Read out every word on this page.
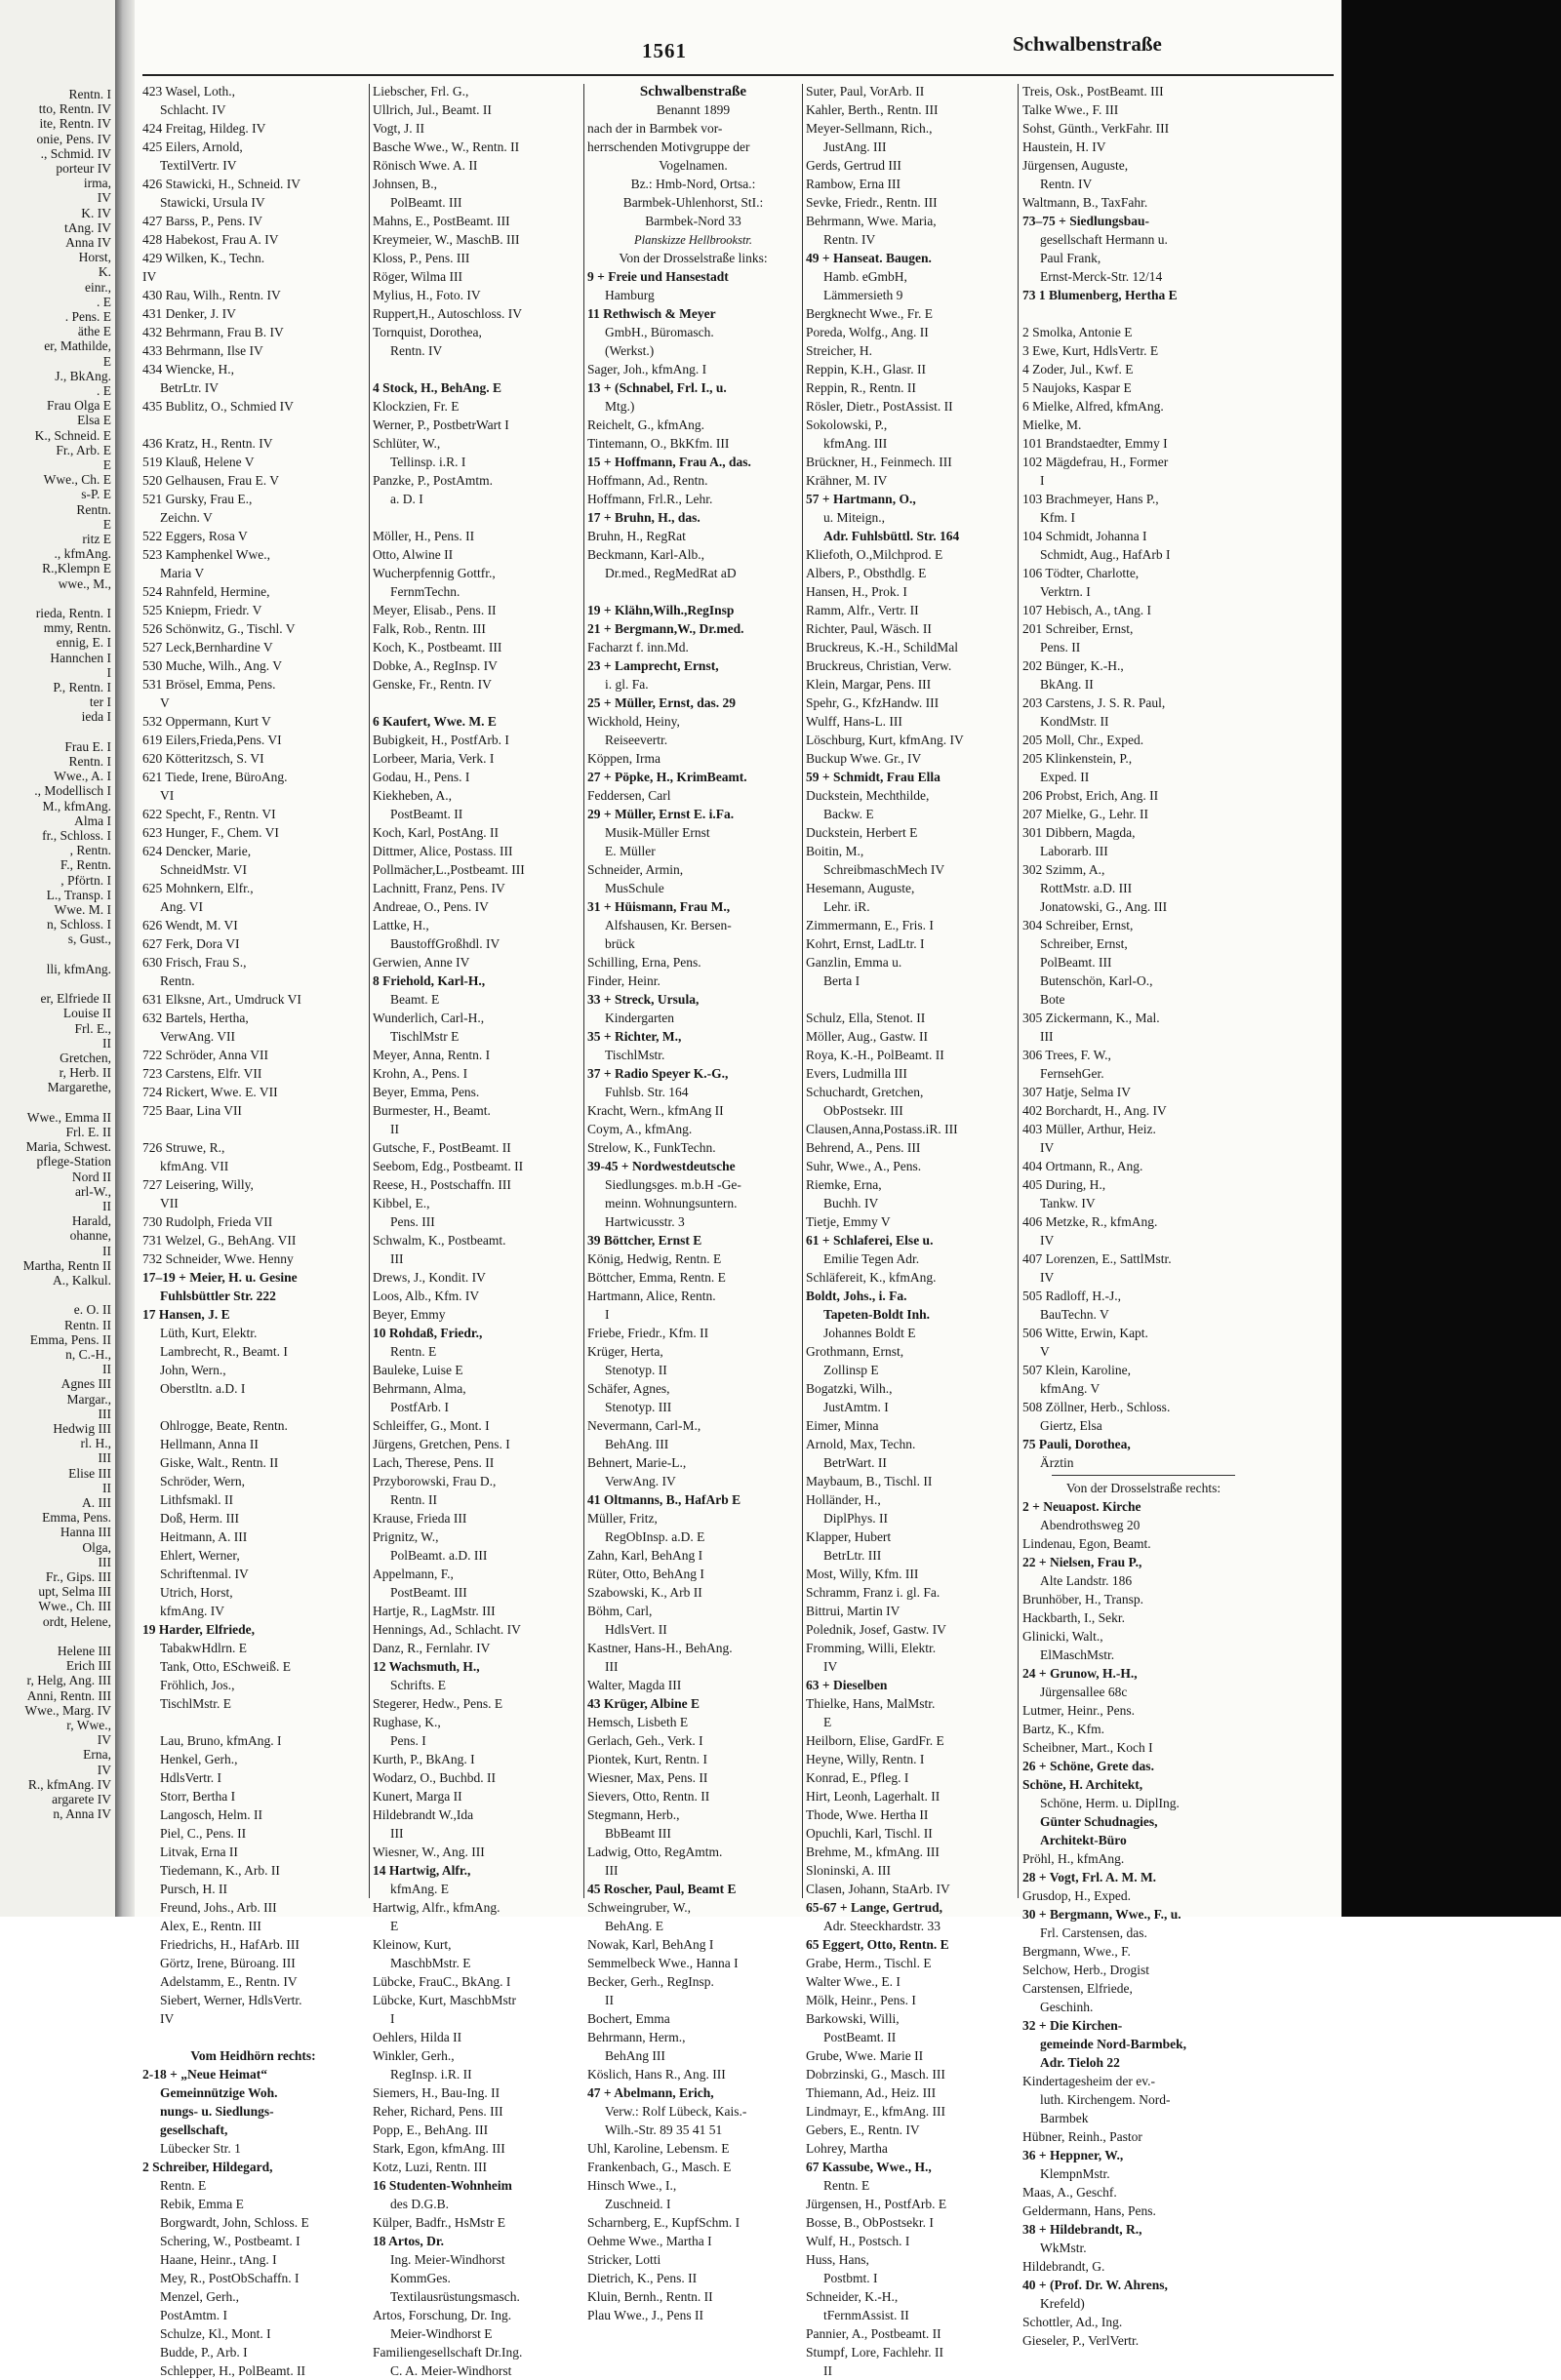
Rentn. I
tto, Rentn. IV
ite, Rentn. IV
onie, Pens. IV
., Schmid. IV
porteur IV
irma,
IV
K. IV
tAng. IV
Anna IV
Horst,
K.
einr.,
. E
. Pens. E
äthe E
er, Mathilde,
E
J., BkAng.
. E
Frau Olga E
Elsa E
K., Schneid. E
Fr., Arb. E
E
Wwe., Ch. E
s-P. E
Rentn.
E
ritz E
., kfmAng.
R.,Klempn E
wwe., M.,
rieda, Rentn. I
mmy, Rentn.
ennig, E. I
Hannchen I
I
P., Rentn. I
ter I
ieda I
Frau E. I
Rentn. I
Wwe., A. I
., Modellisch I
M., kfmAng.
Alma I
fr., Schloss. I
, Rentn.
F., Rentn.
, Pförtn. I
L., Transp. I
Wwe. M. I
n, Schloss. I
s, Gust.,
lli, kfmAng.
er, Elfriede II
Louise II
Frl. E.,
II
Gretchen,
r, Herb. II
Margarethe,
Wwe., Emma II
Frl. E. II
Maria, Schwest.
pflege-Station
Nord II
arl-W.,
II
Harald,
ohanne,
II
Martha, Rentn II
A., Kalkul.
e. O. II
Rentn. II
Emma, Pens. II
n, C.-H.,
II
Agnes III
Margar.,
III
Hedwig III
rl. H.,
III
Elise III
II
A. III
Emma, Pens.
Hanna III
Olga,
III
Fr., Gips. III
upt, Selma III
Wwe., Ch. III
ordt, Helene,
Helene III
Erich III
r, Helg, Ang. III
Anni, Rentn. III
Wwe., Marg. IV
r, Wwe.,
IV
Erna,
IV
R., kfmAng. IV
argarete IV
n, Anna IV
1561	Schwalbenstraße
423 Wasel, Loth.,
Schlacht. IV
424 Freitag, Hildeg. IV
425 Eilers, Arnold,
TextilVertr. IV
426 Stawicki, H., Schneid. IV
Stawicki, Ursula IV
427 Barss, P., Pens. IV
428 Habekost, Frau A. IV
429 Wilken, K., Techn.
IV
430 Rau, Wilh., Rentn. IV
431 Denker, J. IV
432 Behrmann, Frau B. IV
433 Behrmann, Ilse IV
434 Wiencke, H.,
BetrLtr. IV
435 Bublitz, O., Schmied IV
436 Kratz, H., Rentn. IV
519 Klauß, Helene V
520 Gelhausen, Frau E. V
521 Gursky, Frau E.,
Zeichn. V
522 Eggers, Rosa V
523 Kamphenkel Wwe.,
Maria V
524 Rahnfeld, Hermine,
525 Kniepm, Friedr. V
526 Schönwitz, G., Tischl. V
527 Leck,Bernhardine V
530 Muche, Wilh., Ang. V
531 Brösel, Emma, Pens.
V
532 Oppermann, Kurt V
619 Eilers,Frieda,Pens. VI
620 Kötteritzsch, S. VI
621 Tiede, Irene, BüroAng.
VI
622 Specht, F., Rentn. VI
623 Hunger, F., Chem. VI
624 Dencker, Marie,
SchneidMstr. VI
625 Mohnkern, Elfr.,
Ang. VI
626 Wendt, M. VI
627 Ferk, Dora VI
630 Frisch, Frau S.,
Rentn.
631 Elksne, Art., Umdruck VI
632 Bartels, Hertha,
VerwAng. VII
722 Schröder, Anna VII
723 Carstens, Elfr. VII
724 Rickert, Wwe. E. VII
725 Baar, Lina VII
726 Struwe, R.,
kfmAng. VII
727 Leisering, Willy,
VII
730 Rudolph, Frieda VII
731 Welzel, G., BehAng. VII
732 Schneider, Wwe. Henny
17–19 + Meier, H. u. Gesine
Fuhlsbüttler Str. 222
17 Hansen, J. E
Lüth, Kurt, Elektr.
Lambrecht, R., Beamt. I
John, Wern.,
Oberstltn. a.D. I
Ohlrogge, Beate, Rentn.
Hellmann, Anna II
Giske, Walt., Rentn. II
Schröder, Wern,
Lithfsmakl. II
Doß, Herm. III
Heitmann, A. III
Ehlert, Werner,
Schriftenmal. IV
Utrich, Horst,
kfmAng. IV
19 Harder, Elfriede,
TabakwHdlrn. E
Tank, Otto, ESchweiß. E
Fröhlich, Jos.,
TischlMstr. E
Lau, Bruno, kfmAng. I
Henkel, Gerh.,
HdlsVertr. I
Storr, Bertha I
Langosch, Helm. II
Piel, C., Pens. II
Litvak, Erna II
Tiedemann, K., Arb. II
Pursch, H. II
Freund, Johs., Arb. III
Alex, E., Rentn. III
Friedrichs, H., HafArb. III
Görtz, Irene, Büroang. III
Adelstamm, E., Rentn. IV
Siebert, Werner, HdlsVertr.
IV
Vom Heidhörn rechts:
2-18 + „Neue Heimat“
Gemeinnützige Woh.
nungs- u. Siedlungs-
gesellschaft,
Lübecker Str. 1
2 Schreiber, Hildegard,
Rentn. E
Rebik, Emma E
Borgwardt, John, Schloss. E
Schering, W., Postbeamt. I
Haane, Heinr., tAng. I
Mey, R., PostObSchaffn. I
Menzel, Gerh.,
PostAmtm. I
Schulze, Kl., Mont. I
Budde, P., Arb. I
Schlepper, H., PolBeamt. II
Liebscher, Frl. G.,
Ullrich, Jul., Beamt. II
Vogt, J. II
Basche Wwe., W., Rentn. II
Rönisch Wwe. A. II
Johnsen, B.,
PolBeamt. III
Mahns, E., PostBeamt. III
Kreymeier, W., MaschB. III
Kloss, P., Pens. III
Röger, Wilma III
Mylius, H., Foto. IV
Ruppert,H., Autoschloss. IV
Tornquist, Dorothea,
Rentn. IV
4 Stock, H., BehAng. E
Klockzien, Fr. E
Werner, P., PostbetrWart I
Schlüter, W.,
Tellinsp. i.R. I
Panzke, P., PostAmtm.
a. D. I
Möller, H., Pens. II
Otto, Alwine II
Wucherpfennig Gottfr.,
FernmTechn.
Meyer, Elisab., Pens. II
Falk, Rob., Rentn. III
Koch, K., Postbeamt. III
Dobke, A., RegInsp. IV
Genske, Fr., Rentn. IV
6 Kaufert, Wwe. M. E
Bubigkeit, H., PostfArb. I
Lorbeer, Maria, Verk. I
Godau, H., Pens. I
Kiekheben, A.,
PostBeamt. II
Koch, Karl, PostAng. II
Dittmer, Alice, Postass. III
Pollmächer,L.,Postbeamt. III
Lachnitt, Franz, Pens. IV
Andreae, O., Pens. IV
Lattke, H.,
BaustoffGroßhdl. IV
Gerwien, Anne IV
8 Friehold, Karl-H.,
Beamt. E
Wunderlich, Carl-H.,
TischlMstr E
Meyer, Anna, Rentn. I
Krohn, A., Pens. I
Beyer, Emma, Pens.
Burmester, H., Beamt.
II
Gutsche, F., PostBeamt. II
Seebom, Edg., Postbeamt. II
Reese, H., Postschaffn. III
Kibbel, E.,
Pens. III
Schwalm, K., Postbeamt.
III
Drews, J., Kondit. IV
Loos, Alb., Kfm. IV
Beyer, Emmy
10 Rohdaß, Friedr.,
Rentn. E
Bauleke, Luise E
Behrmann, Alma,
PostfArb. I
Schleiffer, G., Mont. I
Jürgens, Gretchen, Pens. I
Lach, Therese, Pens. II
Przyborowski, Frau D.,
Rentn. II
Krause, Frieda III
Prignitz, W.,
PolBeamt. a.D. III
Appelmann, F.,
PostBeamt. III
Hartje, R., LagMstr. III
Hennings, Ad., Schlacht. IV
Danz, R., Fernlahr. IV
12 Wachsmuth, H.,
Schrifts. E
Stegerer, Hedw., Pens. E
Rughase, K.,
Pens. I
Kurth, P., BkAng. I
Wodarz, O., Buchbd. II
Kunert, Marga II
Hildebrandt W.,Ida
III
Wiesner, W., Ang. III
14 Hartwig, Alfr.,
kfmAng. E
Hartwig, Alfr., kfmAng.
E
Kleinow, Kurt,
MaschbMstr. E
Lübcke, FrauC., BkAng. I
Lübcke, Kurt, MaschbMstr
I
Oehlers, Hilda II
Winkler, Gerh.,
RegInsp. i.R. II
Siemers, H., Bau-Ing. II
Reher, Richard, Pens. III
Popp, E., BehAng. III
Stark, Egon, kfmAng. III
Kotz, Luzi, Rentn. III
16 Studenten-Wohnheim
des D.G.B.
Külper, Badfr., HsMstr E
18 Artos, Dr.
Ing. Meier-Windhorst
KommGes.
Textilausrüstungsmasch.
Artos, Forschung, Dr. Ing.
Meier-Windhorst E
Familiengesellschaft Dr.Ing.
C. A. Meier-Windhorst
Schwalbenstraße
Benannt 1899
nach der in Barmbek vor-
herrschenden Motivgruppe der
Vogelnamen.
Bz.: Hmb-Nord, Ortsa.:
Barmbek-Uhlenhorst, StI.:
Barmbek-Nord 33
Planskizze Hellbrookstr.
Von der Drosselstraße links:
9 + Freie und Hansestadt
Hamburg
11 Rethwisch & Meyer
GmbH., Büromasch.
(Werkst.)
Sager, Joh., kfmAng. I
13 + (Schnabel, Frl. I., u.
Mtg.)
Reichelt, G., kfmAng.
Tintemann, O., BkKfm. III
15 + Hoffmann, Frau A., das.
Hoffmann, Ad., Rentn.
Hoffmann, Frl.R., Lehr.
17 + Bruhn, H., das.
Bruhn, H., RegRat
Beckmann, Karl-Alb.,
Dr.med., RegMedRat aD
19 + Klähn,Wilh.,RegInsp
21 + Bergmann,W., Dr.med.
Facharzt f. inn.Md.
23 + Lamprecht, Ernst,
i. gl. Fa.
25 + Müller, Ernst, das. 29
Wickhold, Heiny,
Reiseevertr.
Köppen, Irma
27 + Pöpke, H., KrimBeamt.
Feddersen, Carl
29 + Müller, Ernst E. i.Fa.
Musik-Müller Ernst
E. Müller
Schneider, Armin,
MusSchule
31 + Hüismann, Frau M.,
Alfshausen, Kr. Bersen-
brück
Schilling, Erna, Pens.
Finder, Heinr.
33 + Streck, Ursula,
Kindergarten
35 + Richter, M.,
TischlMstr.
37 + Radio Speyer K.-G.,
Fuhlsb. Str. 164
Kracht, Wern., kfmAng II
Coym, A., kfmAng.
Strelow, K., FunkTechn.
39-45 + Nordwestdeutsche
Siedlungsges. m.b.H -Ge-
meinn. Wohnungsuntern.
Hartwicusstr. 3
39 Böttcher, Ernst E
König, Hedwig, Rentn. E
Böttcher, Emma, Rentn. E
Hartmann, Alice, Rentn.
I
Friebe, Friedr., Kfm. II
Krüger, Herta,
Stenotyp. II
Schäfer, Agnes,
Stenotyp. III
Nevermann, Carl-M.,
BehAng. III
Behnert, Marie-L.,
VerwAng. IV
41 Oltmanns, B., HafArb E
Müller, Fritz,
RegObInsp. a.D. E
Zahn, Karl, BehAng I
Rüter, Otto, BehAng I
Szabowski, K., Arb II
Böhm, Carl,
HdlsVert. II
Kastner, Hans-H., BehAng.
III
Walter, Magda III
43 Krüger, Albine E
Hemsch, Lisbeth E
Gerlach, Geh., Verk. I
Piontek, Kurt, Rentn. I
Wiesner, Max, Pens. II
Sievers, Otto, Rentn. II
Stegmann, Herb.,
BbBeamt III
Ladwig, Otto, RegAmtm.
III
45 Roscher, Paul, Beamt E
Schweingruber, W.,
BehAng. E
Nowak, Karl, BehAng I
Semmelbeck Wwe., Hanna I
Becker, Gerh., RegInsp.
II
Bochert, Emma
Behrmann, Herm.,
BehAng III
Köslich, Hans R., Ang. III
47 + Abelmann, Erich,
Verw.: Rolf Lübeck, Kais.-
Wilh.-Str. 89 35 41 51
Uhl, Karoline, Lebensm. E
Frankenbach, G., Masch. E
Hinsch Wwe., I.,
Zuschneid. I
Scharnberg, E., KupfSchm. I
Oehme Wwe., Martha I
Stricker, Lotti
Dietrich, K., Pens. II
Kluin, Bernh., Rentn. II
Plau Wwe., J., Pens II
Suter, Paul, VorArb. II
Kahler, Berth., Rentn. III
Meyer-Sellmann, Rich.,
JustAng. III
Gerds, Gertrud III
Rambow, Erna III
Sevke, Friedr., Rentn. III
Behrmann, Wwe. Maria,
Rentn. IV
49 + Hanseat. Baugen.
Hamb. eGmbH,
Lämmersieth 9
Bergknecht Wwe., Fr. E
Poreda, Wolfg., Ang. II
Streicher, H.
Reppin, K.H., Glasr. II
Reppin, R., Rentn. II
Rösler, Dietr., PostAssist. II
Sokolowski, P.,
kfmAng. III
Brückner, H., Feinmech. III
Krähner, M. IV
57 + Hartmann, O.,
u. Miteign.,
Adr. Fuhlsbüttl. Str. 164
Kliefoth, O.,Milchprod. E
Albers, P., Obsthdlg. E
Hansen, H., Prok. I
Ramm, Alfr., Vertr. II
Richter, Paul, Wäsch. II
Bruckreus, K.-H., SchildMal
Bruckreus, Christian, Verw.
Klein, Margar, Pens. III
Spehr, G., KfzHandw. III
Wulff, Hans-L. III
Löschburg, Kurt, kfmAng. IV
Buckup Wwe. Gr., IV
59 + Schmidt, Frau Ella
Duckstein, Mechthilde,
Backw. E
Duckstein, Herbert E
Boitin, M.,
SchreibmaschMech IV
Hesemann, Auguste,
Lehr. iR.
Zimmermann, E., Fris. I
Kohrt, Ernst, LadLtr. I
Ganzlin, Emma u.
Berta I
Schulz, Ella, Stenot. II
Möller, Aug., Gastw. II
Roya, K.-H., PolBeamt. II
Evers, Ludmilla III
Schuchardt, Gretchen,
ObPostsekr. III
Clausen,Anna,Postass.iR. III
Behrend, A., Pens. III
Suhr, Wwe., A., Pens.
Riemke, Erna,
Buchh. IV
Tietje, Emmy V
61 + Schlaferei, Else u.
Emilie Tegen Adr.
Schläfereit, K., kfmAng.
Boldt, Johs., i. Fa.
Tapeten-Boldt Inh.
Johannes Boldt E
Grothmann, Ernst,
Zollinsp E
Bogatzki, Wilh.,
JustAmtm. I
Eimer, Minna
Arnold, Max, Techn.
BetrWart. II
Maybaum, B., Tischl. II
Holländer, H.,
DiplPhys. II
Klapper, Hubert
BetrLtr. III
Most, Willy, Kfm. III
Schramm, Franz i. gl. Fa.
Bittrui, Martin IV
Polednik, Josef, Gastw. IV
Fromming, Willi, Elektr.
IV
63 + Dieselben
Thielke, Hans, MalMstr.
E
Heilborn, Elise, GardFr. E
Heyne, Willy, Rentn. I
Konrad, E., Pfleg. I
Hirt, Leonh, Lagerhalt. II
Thode, Wwe. Hertha II
Opuchli, Karl, Tischl. II
Brehme, M., kfmAng. III
Sloninski, A. III
Clasen, Johann, StaArb. IV
65-67 + Lange, Gertrud,
Adr. Steeckhardstr. 33
65 Eggert, Otto, Rentn. E
Grabe, Herm., Tischl. E
Walter Wwe., E. I
Mölk, Heinr., Pens. I
Barkowski, Willi,
PostBeamt. II
Grube, Wwe. Marie II
Dobrzinski, G., Masch. III
Thiemann, Ad., Heiz. III
Lindmayr, E., kfmAng. III
Gebers, E., Rentn. IV
Lohrey, Martha
67 Kassube, Wwe., H.,
Rentn. E
Jürgensen, H., PostfArb. E
Bosse, B., ObPostsekr. I
Wulf, H., Postsch. I
Huss, Hans,
Postbmt. I
Schneider, K.-H.,
tFernmAssist. II
Pannier, A., Postbeamt. II
Stumpf, Lore, Fachlehr. II
II
Treis, Osk., PostBeamt. III
Talke Wwe., F. III
Sohst, Günth., VerkFahr. III
Haustein, H. IV
Jürgensen, Auguste,
Rentn. IV
Waltmann, B., TaxFahr.
73–75 + Siedlungsbau-
gesellschaft Hermann u.
Paul Frank,
Ernst-Merck-Str. 12/14
73 1 Blumenberg, Hertha E
2 Smolka, Antonie E
3 Ewe, Kurt, HdlsVertr. E
4 Zoder, Jul., Kwf. E
5 Naujoks, Kaspar E
6 Mielke, Alfred, kfmAng.
Mielke, M.
101 Brandstaedter, Emmy I
102 Mägdefrau, H., Former
I
103 Brachmeyer, Hans P.,
Kfm. I
104 Schmidt, Johanna I
Schmidt, Aug., HafArb I
106 Tödter, Charlotte,
Verktrn. I
107 Hebisch, A., tAng. I
201 Schreiber, Ernst,
Pens. II
202 Bünger, K.-H.,
BkAng. II
203 Carstens, J. S. R. Paul,
KondMstr. II
205 Moll, Chr., Exped.
205 Klinkenstein, P.,
Exped. II
206 Probst, Erich, Ang. II
207 Mielke, G., Lehr. II
301 Dibbern, Magda,
Laborarb. III
302 Szimm, A.,
RottMstr. a.D. III
Jonatowski, G., Ang. III
304 Schreiber, Ernst,
Schreiber, Ernst,
PolBeamt. III
Butenschön, Karl-O.,
Bote
305 Zickermann, K., Mal.
III
306 Trees, F. W.,
FernsehGer.
307 Hatje, Selma IV
402 Borchardt, H., Ang. IV
403 Müller, Arthur, Heiz.
IV
404 Ortmann, R., Ang.
405 During, H.,
Tankw. IV
406 Metzke, R., kfmAng.
IV
407 Lorenzen, E., SattlMstr.
IV
505 Radloff, H.-J.,
BauTechn. V
506 Witte, Erwin, Kapt.
V
507 Klein, Karoline,
kfmAng. V
508 Zöllner, Herb., Schloss.
Giertz, Elsa
75 Pauli, Dorothea,
Ärztin
Von der Drosselstraße rechts:
2 + Neuapost. Kirche
Abendrothsweg 20
Lindenau, Egon, Beamt.
22 + Nielsen, Frau P.,
Alte Landstr. 186
Brunhöber, H., Transp.
Hackbarth, I., Sekr.
Glinicki, Walt.,
ElMaschMstr.
24 + Grunow, H.-H.,
Jürgensallee 68c
Lutmer, Heinr., Pens.
Bartz, K., Kfm.
Scheibner, Mart., Koch I
26 + Schöne, Grete das.
Schöne, H. Architekt,
Schöne, Herm. u. DiplIng.
Günter Schudnagies,
Architekt-Büro
Pröhl, H., kfmAng.
28 + Vogt, Frl. A. M. M.
Grusdop, H., Exped.
30 + Bergmann, Wwe., F., u.
Frl. Carstensen, das.
Bergmann, Wwe., F.
Selchow, Herb., Drogist
Carstensen, Elfriede,
Geschinh.
32 + Die Kirchen-
gemeinde Nord-Barmbek,
Adr. Tieloh 22
Kindertagesheim der ev.-
luth. Kirchengem. Nord-
Barmbek
Hübner, Reinh., Pastor
36 + Heppner, W.,
KlempnMstr.
Maas, A., Geschf.
Geldermann, Hans, Pens.
38 + Hildebrandt, R.,
WkMstr.
Hildebrandt, G.
40 + (Prof. Dr. W. Ahrens,
Krefeld)
Schottler, Ad., Ing.
Gieseler, P., VerlVertr.
